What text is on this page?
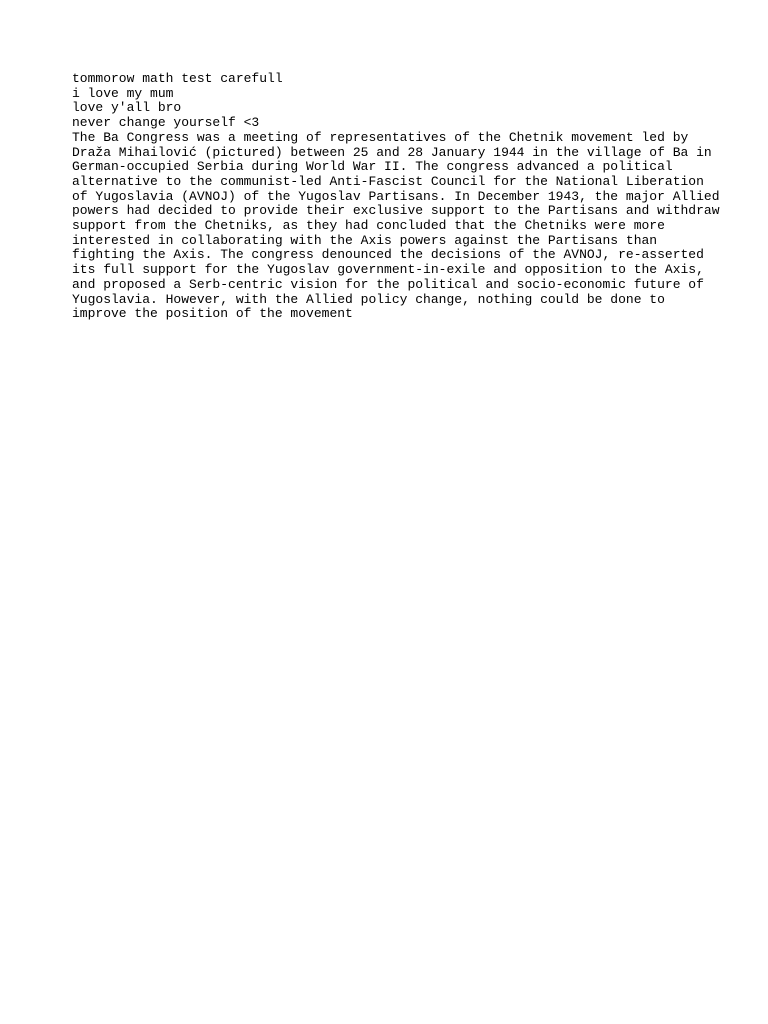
tommorow math test carefull
i love my mum
love y'all bro
never change yourself <3
The Ba Congress was a meeting of representatives of the Chetnik movement led by
Draža Mihailović (pictured) between 25 and 28 January 1944 in the village of Ba in
German-occupied Serbia during World War II. The congress advanced a political
alternative to the communist-led Anti-Fascist Council for the National Liberation
of Yugoslavia (AVNOJ) of the Yugoslav Partisans. In December 1943, the major Allied
powers had decided to provide their exclusive support to the Partisans and withdraw
support from the Chetniks, as they had concluded that the Chetniks were more
interested in collaborating with the Axis powers against the Partisans than
fighting the Axis. The congress denounced the decisions of the AVNOJ, re-asserted
its full support for the Yugoslav government-in-exile and opposition to the Axis,
and proposed a Serb-centric vision for the political and socio-economic future of
Yugoslavia. However, with the Allied policy change, nothing could be done to
improve the position of the movement
